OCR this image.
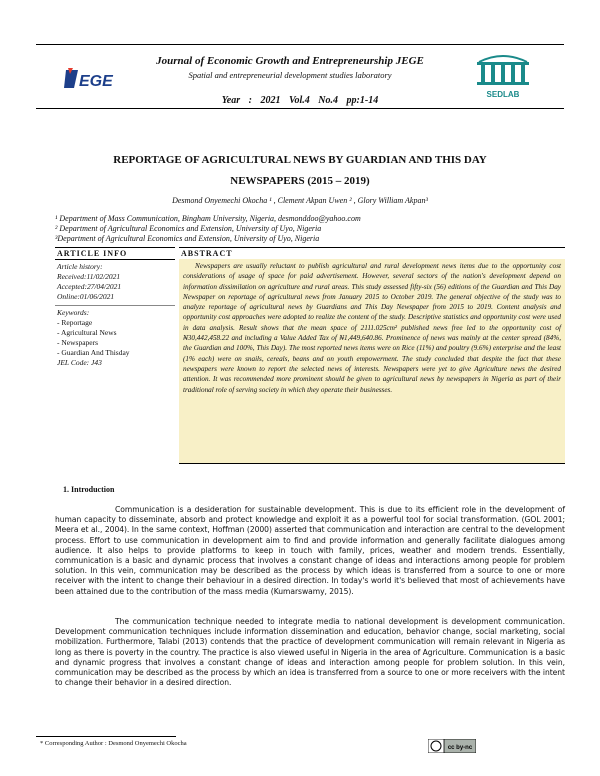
EGE
Journal of Economic Growth and Entrepreneurship JEGE
Spatial and entrepreneurial development studies laboratory
Year : 2021 Vol.4 No.4 pp:1-14
SEDLAB
REPORTAGE OF AGRICULTURAL NEWS BY GUARDIAN AND THIS DAY
NEWSPAPERS (2015 – 2019)
Desmond Onyemechi Okocha ¹ , Clement Akpan Uwen ² , Glory William Akpan³
¹ Department of Mass Communication, Bingham University, Nigeria, desmonddoo@yahoo.com
² Department of Agricultural Economics and Extension, University of Uyo, Nigeria
³Department of Agricultural Economics and Extension, University of Uyo, Nigeria
ARTICLE INFO
Article history:
Received:11/02/2021
Accepted:27/04/2021
Online:01/06/2021
Keywords:
- Reportage
- Agricultural News
- Newspapers
- Guardian And Thisday
JEL Code: J43
ABSTRACT
Newspapers are usually reluctant to publish agricultural and rural development news items due to the opportunity cost considerations of usage of space for paid advertisement. However, several sectors of the nation's development depend on information dissimilation on agriculture and rural areas. This study assessed fifty-six (56) editions of the Guardian and This Day Newspaper on reportage of agricultural news from January 2015 to October 2019. The general objective of the study was to analyze reportage of agricultural news by Guardians and This Day Newspaper from 2015 to 2019. Content analysis and opportunity cost approaches were adopted to realize the content of the study. Descriptive statistics and opportunity cost were used in data analysis. Result shows that the mean space of 2111.025cm² published news free led to the opportunity cost of ₦30,442,458.22 and including a Value Added Tax of ₦1,449,640.86. Prominence of news was mainly at the center spread (84%, the Guardian and 100%, This Day). The most reported news items were on Rice (11%) and poultry (9.6%) enterprise and the least (1% each) were on snails, cereals, beans and on youth empowerment. The study concluded that despite the fact that these newspapers were known to report the selected news of interests. Newspapers were yet to give Agriculture news the desired attention. It was recommended more prominent should be given to agricultural news by newspapers in Nigeria as part of their traditional role of serving society in which they operate their businesses.
1. Introduction
Communication is a desideration for sustainable development. This is due to its efficient role in the development of human capacity to disseminate, absorb and protect knowledge and exploit it as a powerful tool for social transformation. (GOL 2001; Meera et al., 2004). In the same context, Hoffman (2000) asserted that communication and interaction are central to the development process. Effort to use communication in development aim to find and provide information and generally facilitate dialogues among audience. It also helps to provide platforms to keep in touch with family, prices, weather and modern trends. Essentially, communication is a basic and dynamic process that involves a constant change of ideas and interactions among people for problem solution. In this vein, communication may be described as the process by which ideas is transferred from a source to one or more receiver with the intent to change their behaviour in a desired direction. In today's world it's believed that most of achievements have been attained due to the contribution of the mass media (Kumarswamy, 2015).
The communication technique needed to integrate media to national development is development communication. Development communication techniques include information dissemination and education, behavior change, social marketing, social mobilization. Furthermore, Talabi (2013) contends that the practice of development communication will remain relevant in Nigeria as long as there is poverty in the country. The practice is also viewed useful in Nigeria in the area of Agriculture. Communication is a basic and dynamic progress that involves a constant change of ideas and interaction among people for problem solution. In this vein, communication may be described as the process by which an idea is transferred from a source to one or more receivers with the intent to change their behavior in a desired direction.
* Corresponding Author : Desmond Onyemechi Okocha
cc by-nc
